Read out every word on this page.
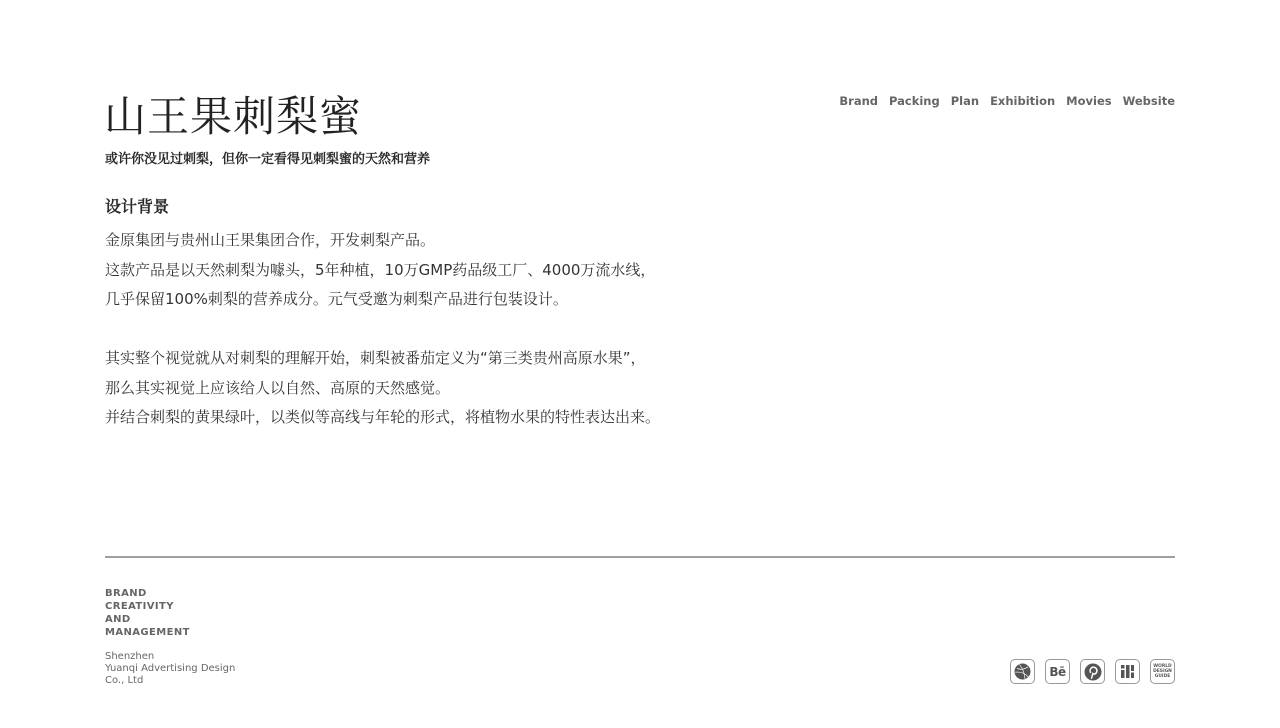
山王果刺梨蜜
或许你没见过刺梨，但你一定看得见刺梨蜜的天然和营养
Brand Packing Plan Exhibition Movies Website
设计背景

金原集团与贵州山王果集团合作，开发刺梨产品。

这款产品是以天然刺梨为噱头，5年种植，10万GMP药品级工厂、4000万流水线，

几乎保留100%刺梨的营养成分。元气受邀为刺梨产品进行包装设计。

其实整个视觉就从对刺梨的理解开始，刺梨被番茄定义为“第三类贵州高原水果”，

那么其实视觉上应该给人以自然、高原的天然感觉。

并结合刺梨的黄果绿叶，以类似等高线与年轮的形式，将植物水果的特性表达出来。

BRAND
CREATIVITY
AND
MANAGEMENT
Shenzhen
Yuanqi Advertising Design
Co., Ltd
Bē	WORLD
DESIGN
GUIDE
